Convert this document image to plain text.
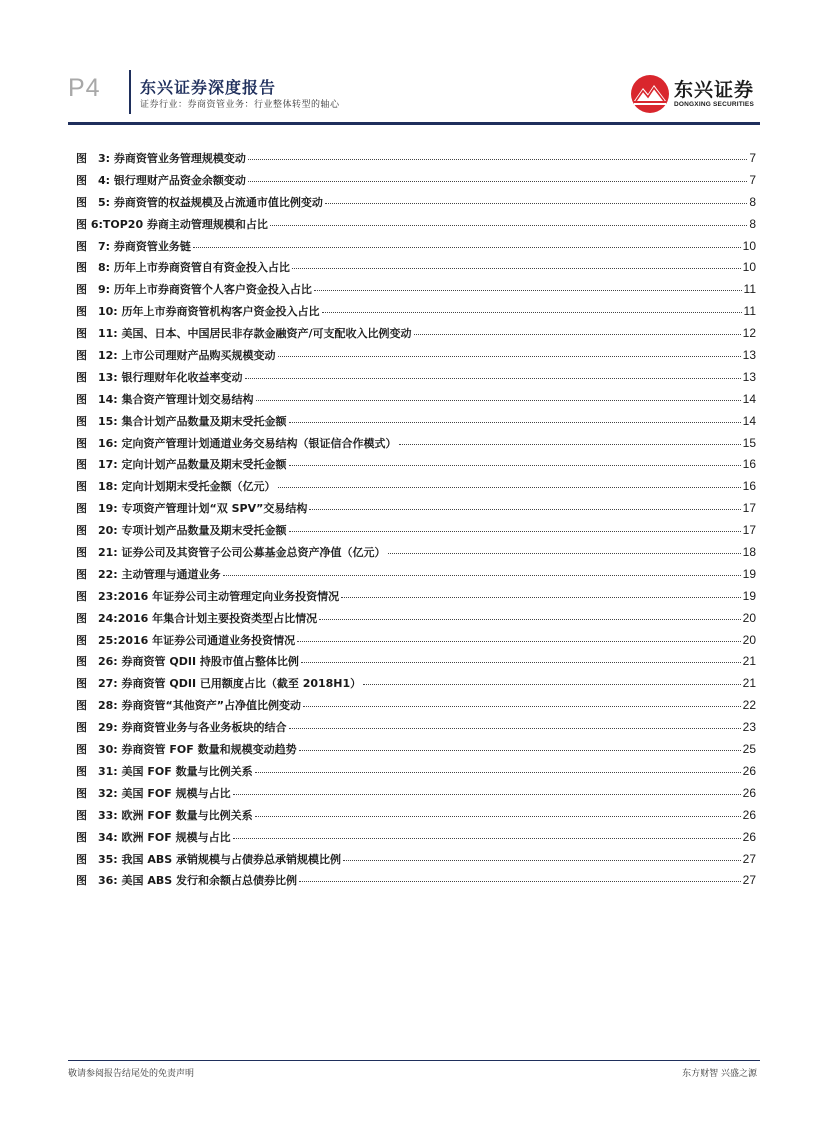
P4 东兴证券深度报告
证券行业：券商资管业务：行业整体转型的轴心
东兴证券
DONGXING SECURITIES
图　3: 券商资管业务管理规模变动	7
图　4: 银行理财产品资金余额变动	7
图　5: 券商资管的权益规模及占流通市值比例变动	8
图 6:TOP20 券商主动管理规模和占比	8
图　7: 券商资管业务链	10
图　8: 历年上市券商资管自有资金投入占比	10
图　9: 历年上市券商资管个人客户资金投入占比	11
图　10: 历年上市券商资管机构客户资金投入占比	11
图　11: 美国、日本、中国居民非存款金融资产/可支配收入比例变动	12
图　12: 上市公司理财产品购买规模变动	13
图　13: 银行理财年化收益率变动	13
图　14: 集合资产管理计划交易结构	14
图　15: 集合计划产品数量及期末受托金额	14
图　16: 定向资产管理计划通道业务交易结构（银证信合作模式）	15
图　17: 定向计划产品数量及期末受托金额	16
图　18: 定向计划期末受托金额（亿元）	16
图　19: 专项资产管理计划“双 SPV”交易结构	17
图　20: 专项计划产品数量及期末受托金额	17
图　21: 证券公司及其资管子公司公募基金总资产净值（亿元）	18
图　22: 主动管理与通道业务	19
图　23:2016 年证券公司主动管理定向业务投资情况	19
图　24:2016 年集合计划主要投资类型占比情况	20
图　25:2016 年证券公司通道业务投资情况	20
图　26: 券商资管 QDII 持股市值占整体比例	21
图　27: 券商资管 QDII 已用额度占比（截至 2018H1）	21
图　28: 券商资管“其他资产”占净值比例变动	22
图　29: 券商资管业务与各业务板块的结合	23
图　30: 券商资管 FOF 数量和规模变动趋势	25
图　31: 美国 FOF 数量与比例关系	26
图　32: 美国 FOF 规模与占比	26
图　33: 欧洲 FOF 数量与比例关系	26
图　34: 欧洲 FOF 规模与占比	26
图　35: 我国 ABS 承销规模与占债券总承销规模比例	27
图　36: 美国 ABS 发行和余额占总债券比例	27
敬请参阅报告结尾处的免责声明	东方财智 兴盛之源
